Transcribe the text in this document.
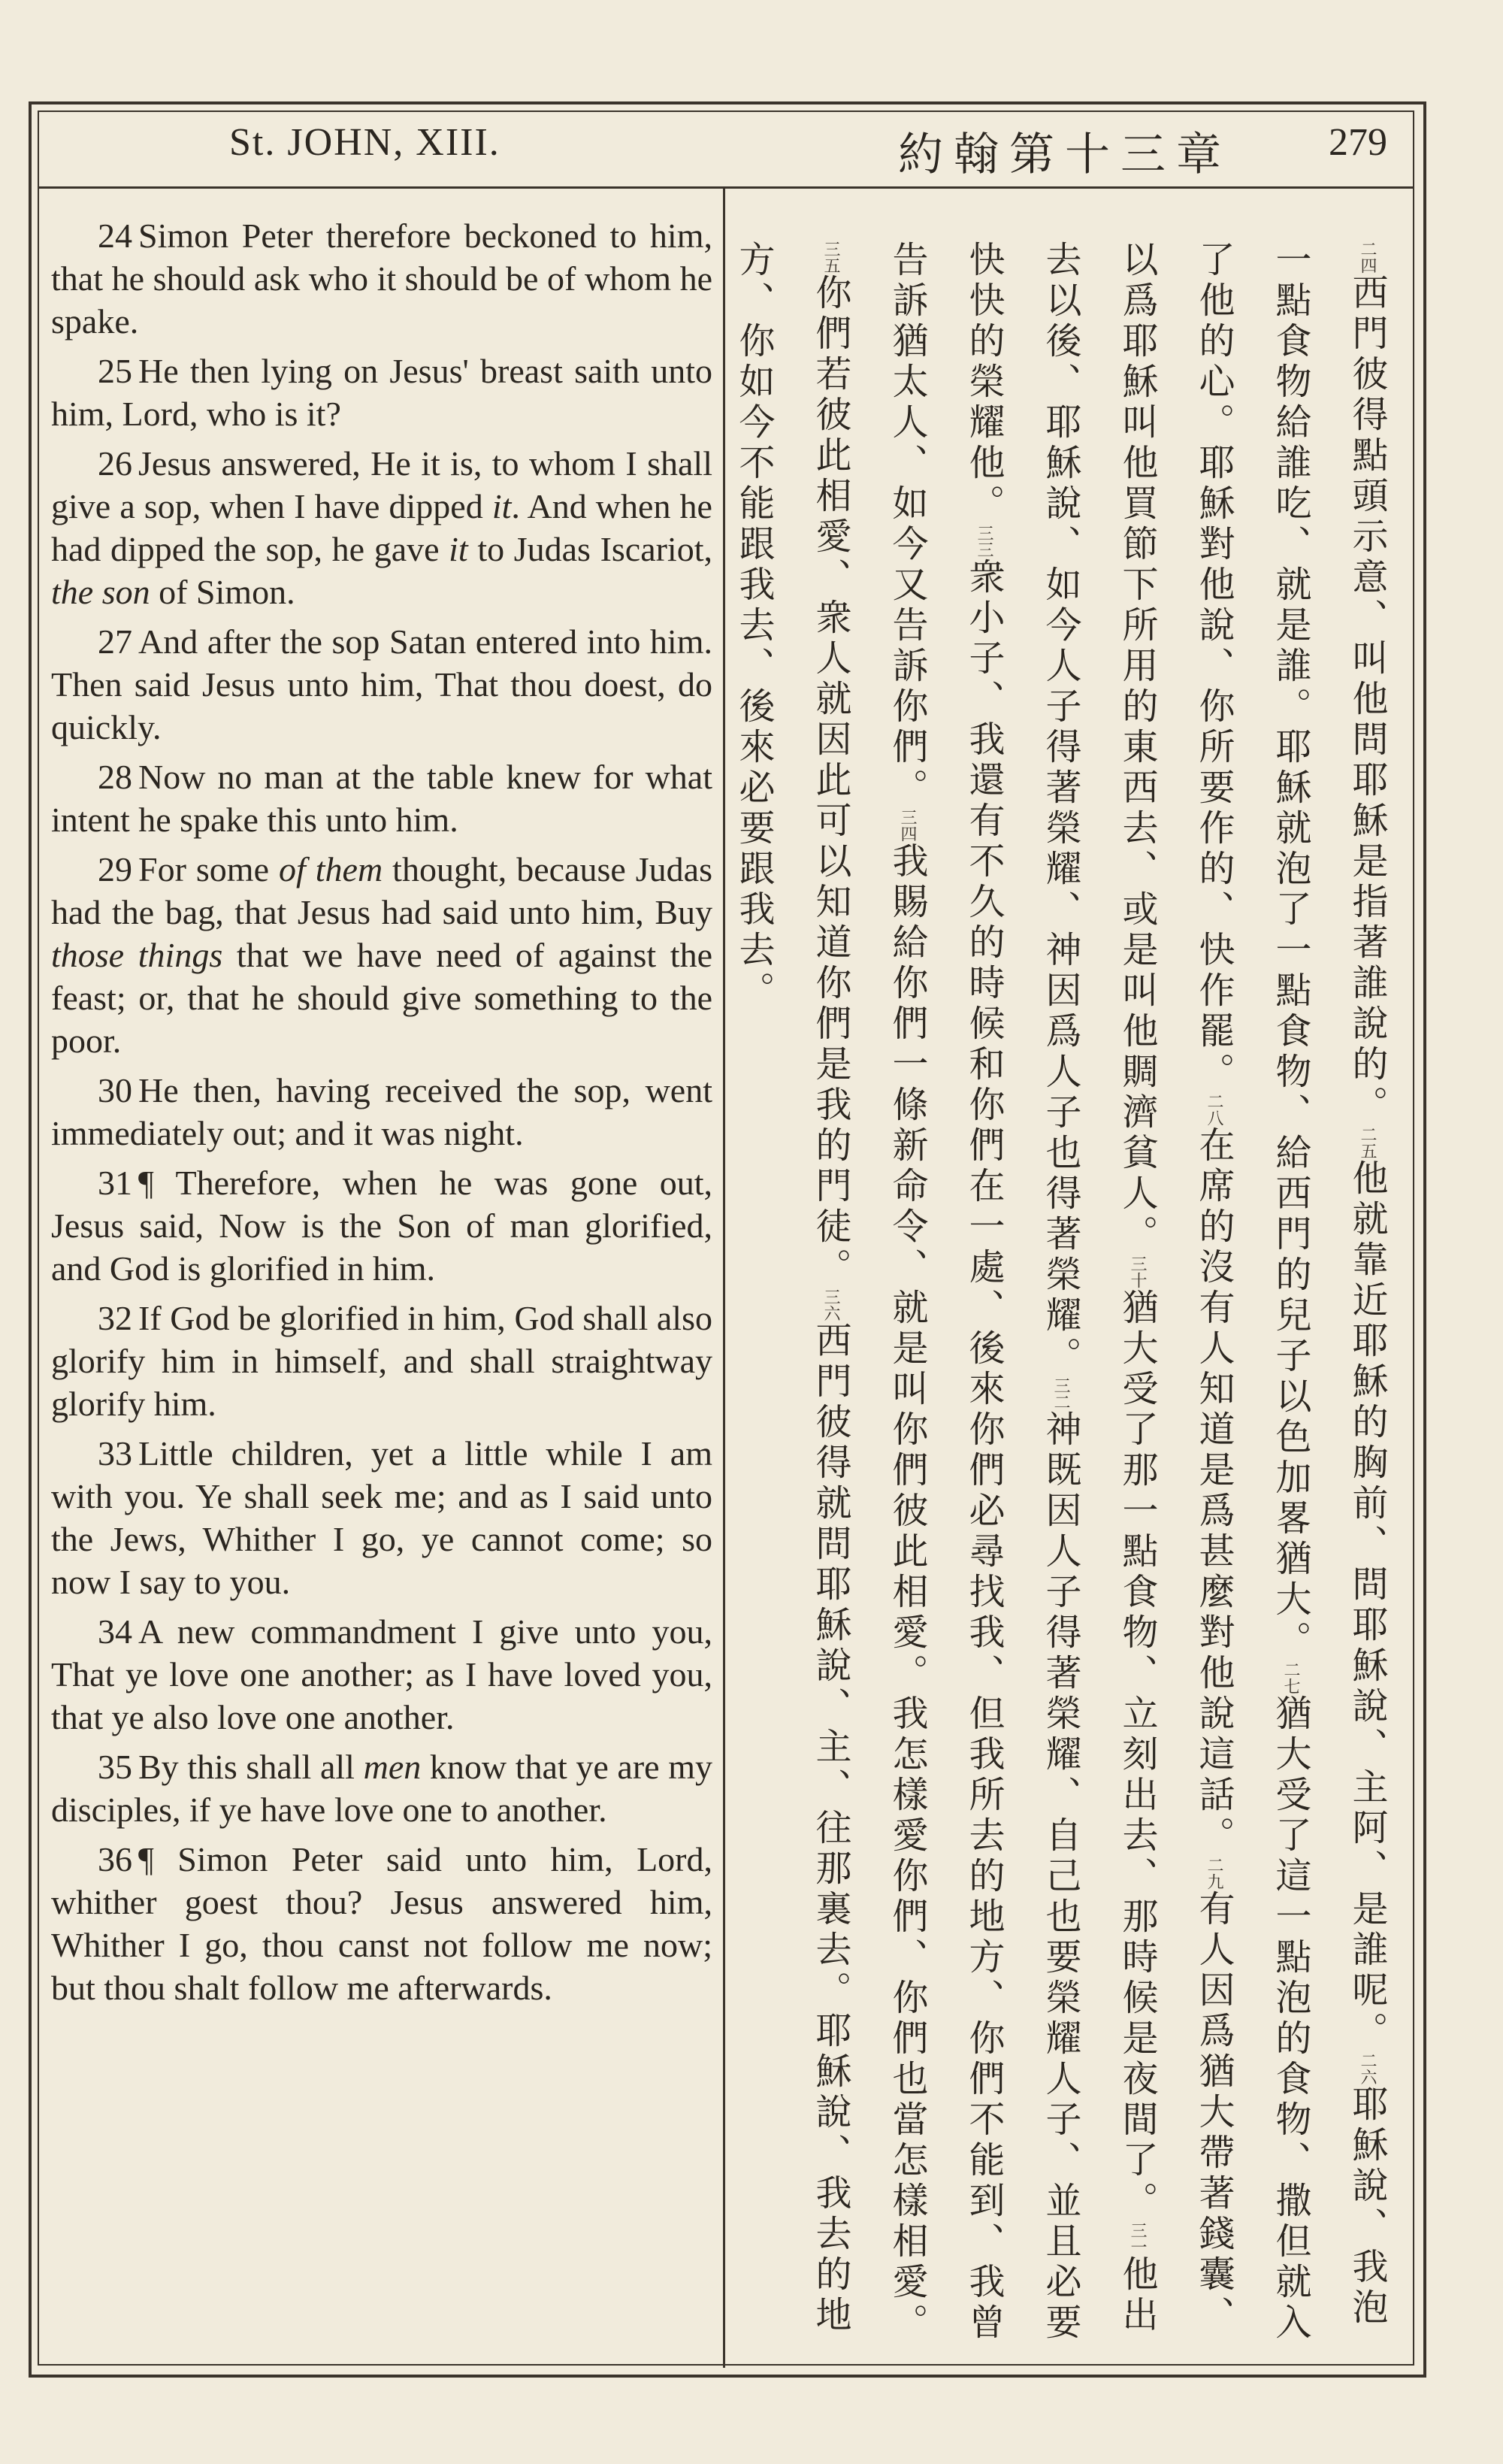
St. JOHN, XIII.	約翰第十三章 279

24 Simon Peter therefore beckoned to him, that he should ask who it should be of whom he spake.

25 He then lying on Jesus' breast saith unto him, Lord, who is it?

26 Jesus answered, He it is, to whom I shall give a sop, when I have dipped it. And when he had dipped the sop, he gave it to Judas Iscariot, the son of Simon.

27 And after the sop Satan entered into him. Then said Jesus unto him, That thou doest, do quickly.

28 Now no man at the table knew for what intent he spake this unto him.

29 For some of them thought, because Judas had the bag, that Jesus had said unto him, Buy those things that we have need of against the feast; or, that he should give something to the poor.

30 He then, having received the sop, went immediately out; and it was night.

31 ¶ Therefore, when he was gone out, Jesus said, Now is the Son of man glorified, and God is glorified in him.

32 If God be glorified in him, God shall also glorify him in himself, and shall straightway glorify him.

33 Little children, yet a little while I am with you. Ye shall seek me; and as I said unto the Jews, Whither I go, ye cannot come; so now I say to you.

34 A new commandment I give unto you, That ye love one another; as I have loved you, that ye also love one another.

35 By this shall all men know that ye are my disciples, if ye have love one to another.

36 ¶ Simon Peter said unto him, Lord, whither goest thou? Jesus answered him, Whither I go, thou canst not follow me now; but thou shalt follow me afterwards.

二四西門彼得點頭示意、叫他問耶穌是指著誰說的。二五他就靠近耶穌的胸前、問耶穌說、主阿、是誰呢。二六耶穌說、我泡一點食物給誰吃、就是誰。耶穌就泡了一點食物、給西門的兒子以色加畧猶大。二七猶大受了這一點泡的食物、撒但就入了他的心。耶穌對他說、你所要作的、快作罷。二八在席的沒有人知道是爲甚麼對他說這話。二九有人因爲猶大帶著錢囊、以爲耶穌叫他買節下所用的東西去、或是叫他賙濟貧人。三十猶大受了那一點食物、立刻出去、那時候是夜間了。三一他出去以後、耶穌說、如今人子得著榮耀、神因爲人子也得著榮耀。三二神既因人子得著榮耀、自己也要榮耀人子、並且必要快快的榮耀他。三三衆小子、我還有不久的時候和你們在一處、後來你們必尋找我、但我所去的地方、你們不能到、我曾告訴猶太人、如今又告訴你們。三四我賜給你們一條新命令、就是叫你們彼此相愛。我怎樣愛你們、你們也當怎樣相愛。三五你們若彼此相愛、衆人就因此可以知道你們是我的門徒。三六西門彼得就問耶穌說、主、往那裏去。耶穌說、我去的地方、你如今不能跟我去、後來必要跟我去。
